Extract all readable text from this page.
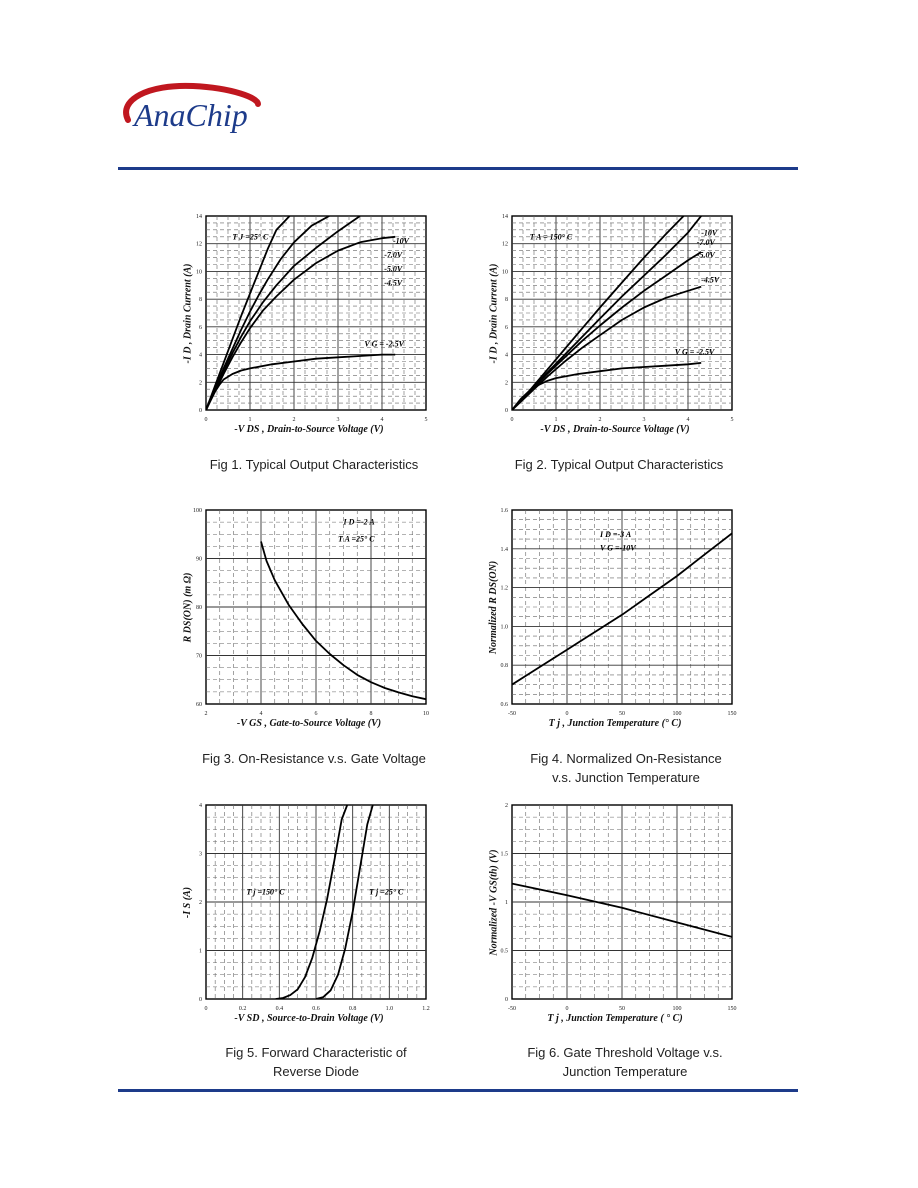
AnaChip
0	1	2	3	4	5
0
2
4
6
8
10
12
14
T J =25° C	-10V
-7.0V
-5.0V
-4.5V
V G = -2.5V
-V DS , Drain-to-Source Voltage (V)
-I D , Drain Current (A)
0	1	2	3	4	5
0
2
4
6
8
10
12
14
T A = 150° C	-10V
-7.0V
-5.0V
-4.5V
V G = -2.5V
-V DS , Drain-to-Source Voltage (V)
-I D , Drain Current (A)
2	4	6	8	10
60
70
80
90
100
I D =-2 A
T A =25° C
-V GS , Gate-to-Source Voltage (V)
R DS(ON) (m Ω)
-50	0	50	100	150
0.6
0.8
1.0
1.2
1.4
1.6
I D =-3 A
V G =-10V
T j , Junction Temperature (° C)
Normalized R DS(ON)
0	0.2	0.4	0.6	0.8	1.0	1.2
0
1
2
3
4
T j =150° C	T j =25° C
-V SD , Source-to-Drain Voltage (V)
-I S (A)
-50	0	50	100	150
0
0.5
1
1.5
2
T j , Junction Temperature ( ° C)
Normalized -V GS(th) (V)
Fig 1. Typical Output Characteristics	Fig 2. Typical Output Characteristics
Fig 3. On-Resistance v.s. Gate Voltage	Fig 4. Normalized On-Resistance
v.s. Junction Temperature
Fig 5. Forward Characteristic of
Reverse Diode
Fig 6. Gate Threshold Voltage v.s.
Junction Temperature
